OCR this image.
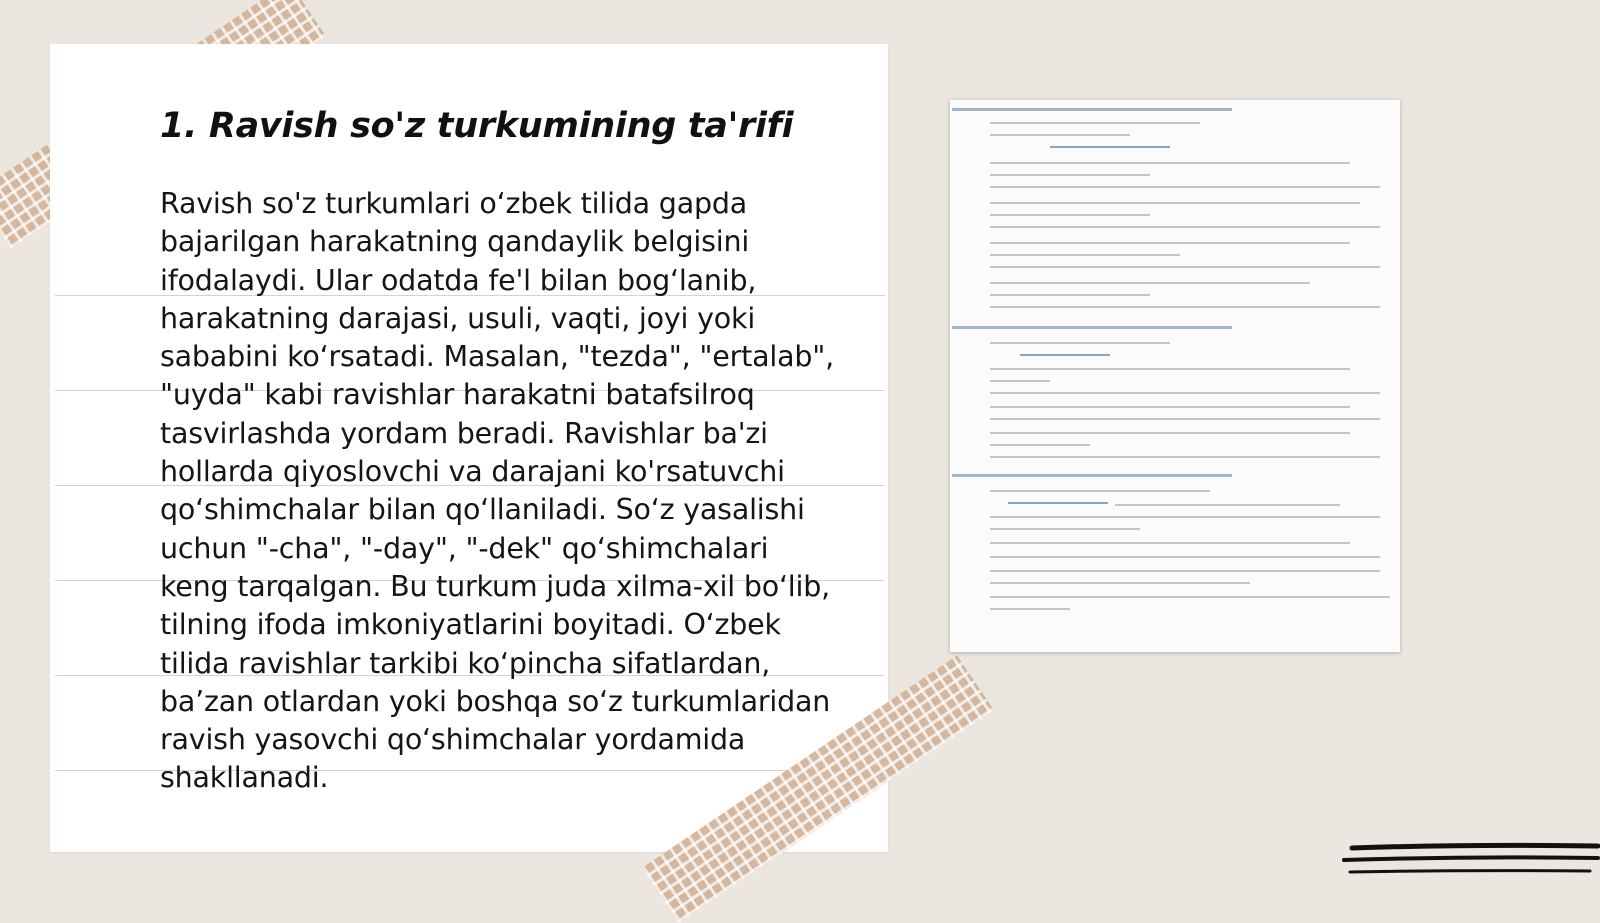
1. Ravish so'z turkumining ta'rifi

Ravish so'z turkumlari o‘zbek tilida gapda bajarilgan harakatning qandaylik belgisini ifodalaydi. Ular odatda fe'l bilan bog‘lanib, harakatning darajasi, usuli, vaqti, joyi yoki sababini ko‘rsatadi. Masalan, "tezda", "ertalab", "uyda" kabi ravishlar harakatni batafsilroq tasvirlashda yordam beradi. Ravishlar ba'zi hollarda qiyoslovchi va darajani ko'rsatuvchi qo‘shimchalar bilan qo‘llaniladi. So‘z yasalishi uchun "-cha", "-day", "-dek" qo‘shimchalari keng tarqalgan. Bu turkum juda xilma-xil bo‘lib, tilning ifoda imkoniyatlarini boyitadi. O‘zbek tilida ravishlar tarkibi ko‘pincha sifatlardan, ba’zan otlardan yoki boshqa so‘z turkumlaridan ravish yasovchi qo‘shimchalar yordamida shakllanadi.
